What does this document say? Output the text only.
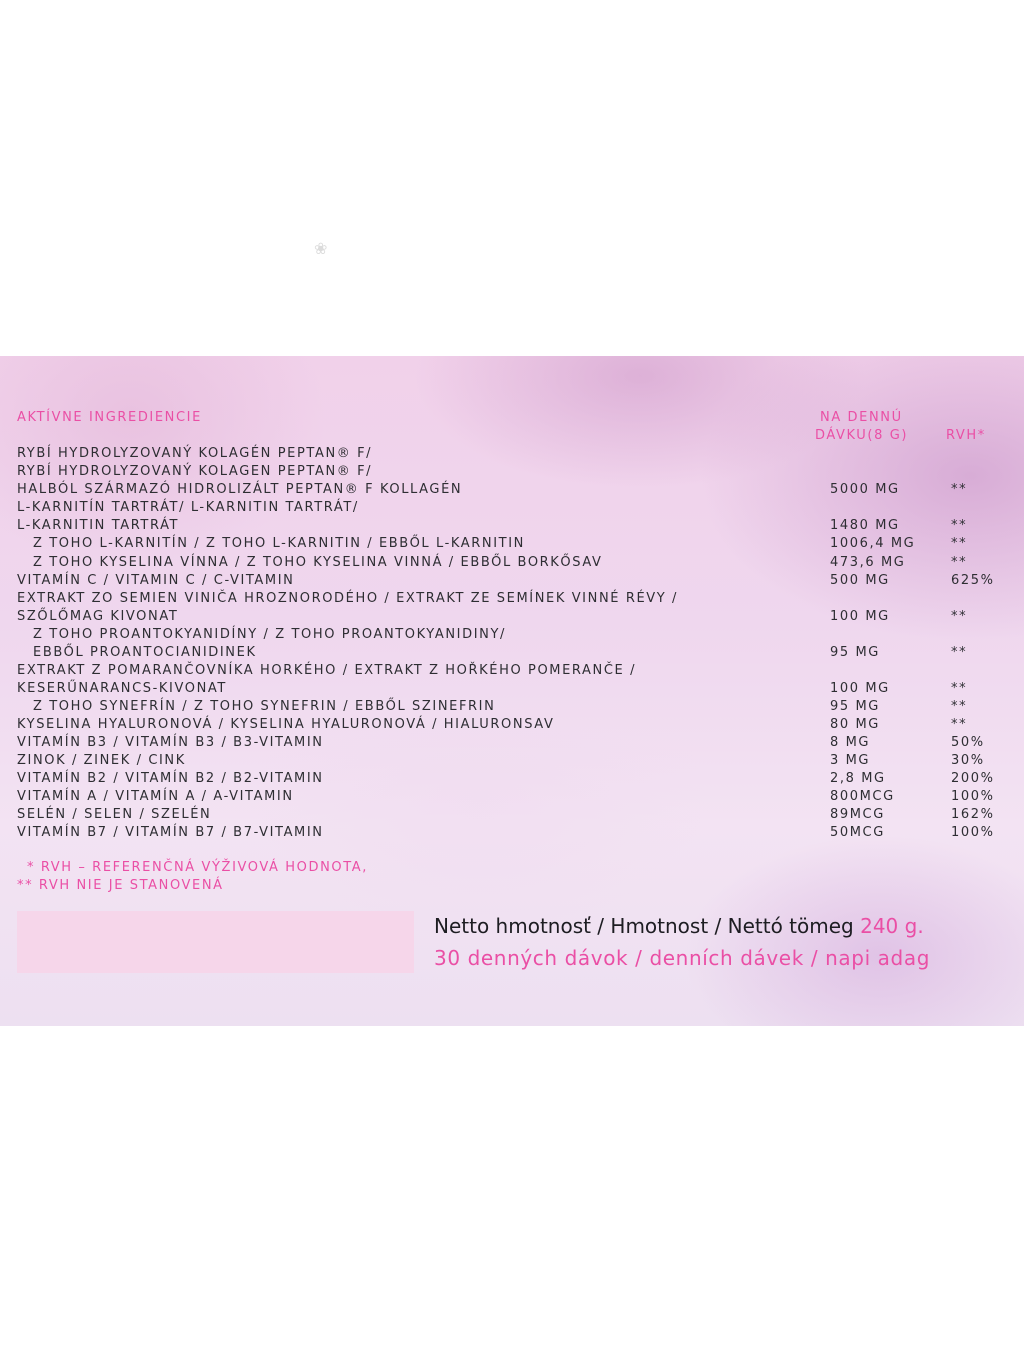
❀
AKTÍVNE INGREDIENCIE	NA DENNÚ
DÁVKU(8 G)	RVH*
RYBÍ HYDROLYZOVANÝ KOLAGÉN PEPTAN® F/
RYBÍ HYDROLYZOVANÝ KOLAGEN PEPTAN® F/
HALBÓL SZÁRMAZÓ HIDROLIZÁLT PEPTAN® F KOLLAGÉN	5000 MG	**
L-KARNITÍN TARTRÁT/ L-KARNITIN TARTRÁT/
L-KARNITIN TARTRÁT	1480 MG	**
Z TOHO L-KARNITÍN / Z TOHO L-KARNITIN / EBBŐL L-KARNITIN	1006,4 MG	**
Z TOHO KYSELINA VÍNNA / Z TOHO KYSELINA VINNÁ / EBBŐL BORKŐSAV	473,6 MG	**
VITAMÍN C / VITAMIN C / C-VITAMIN	500 MG	625%
EXTRAKT ZO SEMIEN VINIČA HROZNORODÉHO / EXTRAKT ZE SEMÍNEK VINNÉ RÉVY /
SZŐLŐMAG KIVONAT	100 MG	**
Z TOHO PROANTOKYANIDÍNY / Z TOHO PROANTOKYANIDINY/
EBBŐL PROANTOCIANIDINEK	95 MG	**
EXTRAKT Z POMARANČOVNÍKA HORKÉHO / EXTRAKT Z HOŘKÉHO POMERANČE /
KESERŰNARANCS-KIVONAT	100 MG	**
Z TOHO SYNEFRÍN / Z TOHO SYNEFRIN / EBBŐL SZINEFRIN	95 MG	**
KYSELINA HYALURONOVÁ / KYSELINA HYALURONOVÁ / HIALURONSAV	80 MG	**
VITAMÍN B3 / VITAMÍN B3 / B3-VITAMIN	8 MG	50%
ZINOK / ZINEK / CINK	3 MG	30%
VITAMÍN B2 / VITAMÍN B2 / B2-VITAMIN	2,8 MG	200%
VITAMÍN A / VITAMÍN A / A-VITAMIN	800MCG	100%
SELÉN / SELEN / SZELÉN	89MCG	162%
VITAMÍN B7 / VITAMÍN B7 / B7-VITAMIN	50MCG	100%
* RVH – REFERENČNÁ VÝŽIVOVÁ HODNOTA,
** RVH NIE JE STANOVENÁ
Netto hmotnosť / Hmotnost / Nettó tömeg 240 g.
30 denných dávok / denních dávek / napi adag
